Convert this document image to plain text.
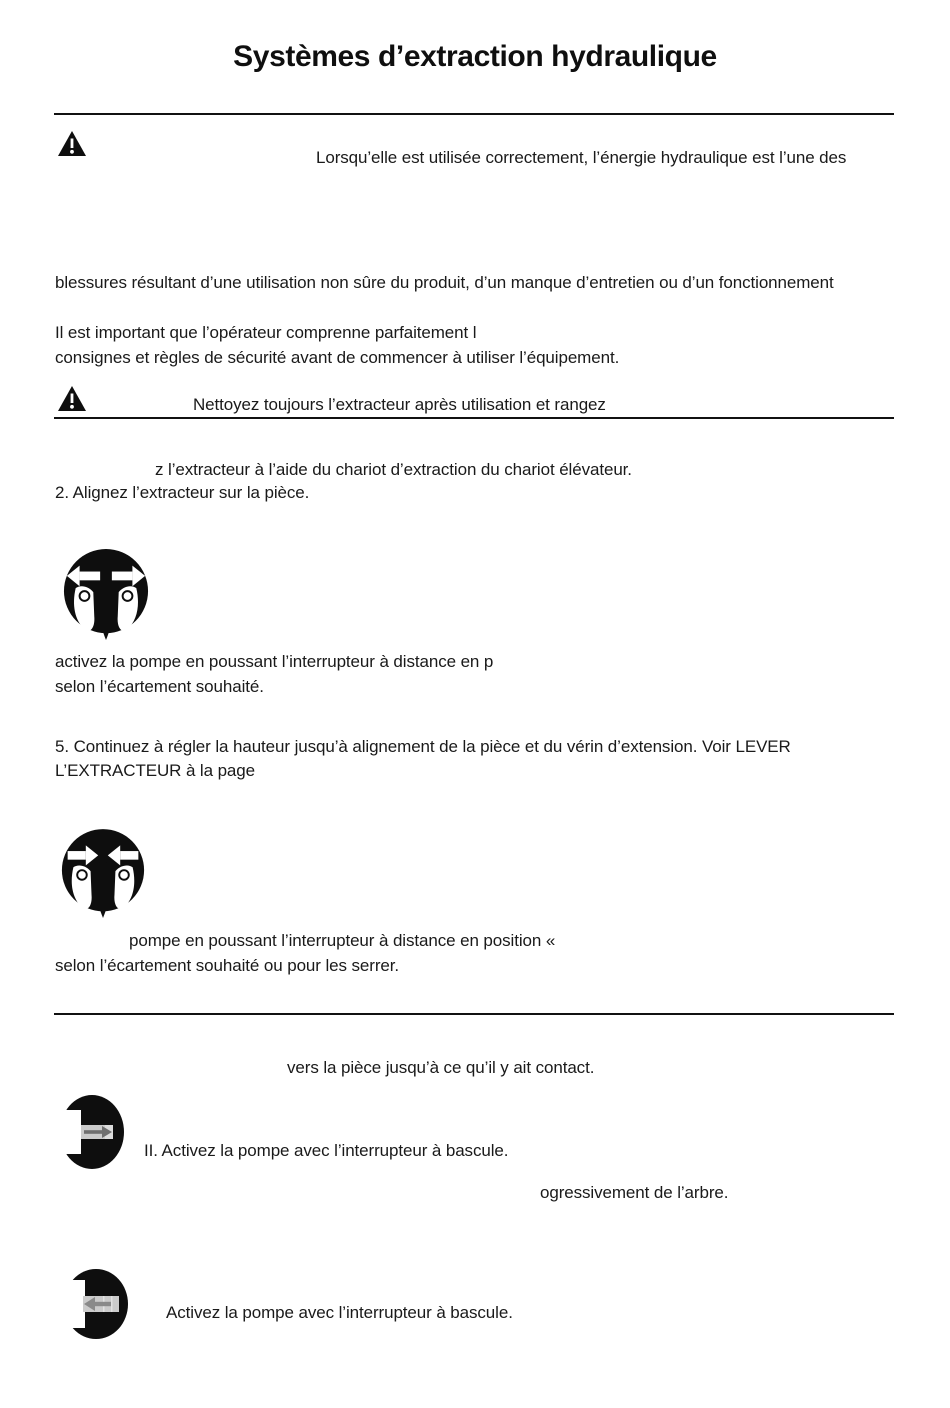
Systèmes d’extraction hydraulique
Lorsqu’elle est utilisée correctement, l’énergie hydraulique est l’une des
blessures résultant d’une utilisation non sûre du produit, d’un manque d’entretien ou d’un fonctionnement
Il est important que l’opérateur comprenne parfaitement l
consignes et règles de sécurité avant de commencer à utiliser l’équipement.
Nettoyez toujours l’extracteur après utilisation et rangez
z l’extracteur à l’aide du chariot d’extraction du chariot élévateur.
2. Alignez l’extracteur sur la pièce.
activez la pompe en poussant l’interrupteur à distance en p
selon l’écartement souhaité.
5. Continuez à régler la hauteur jusqu’à alignement de la pièce et du vérin d’extension. Voir LEVER
L’EXTRACTEUR à la page
pompe en poussant l’interrupteur à distance en position «
selon l’écartement souhaité ou pour les serrer.
vers la pièce jusqu’à ce qu’il y ait contact.
II. Activez la pompe avec l’interrupteur à bascule.
ogressivement de l’arbre.
Activez la pompe avec l’interrupteur à bascule.
